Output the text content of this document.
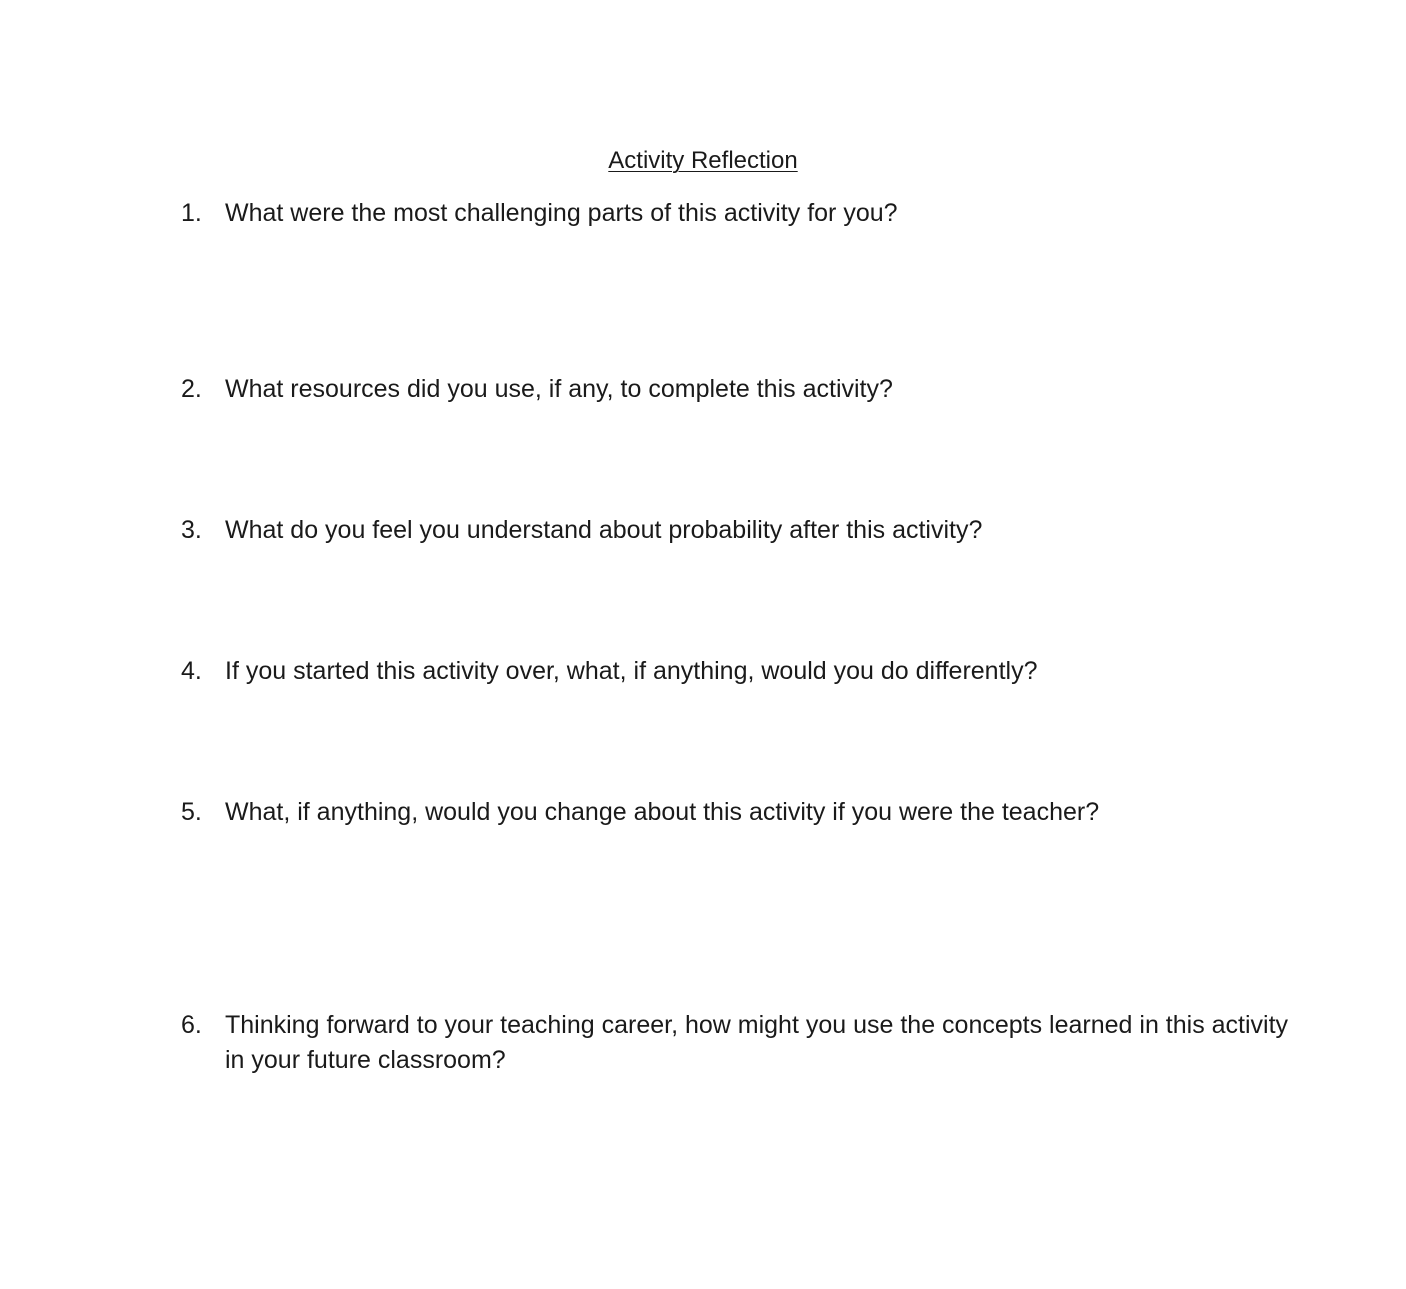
Activity Reflection
1. What were the most challenging parts of this activity for you?
2. What resources did you use, if any, to complete this activity?
3. What do you feel you understand about probability after this activity?
4. If you started this activity over, what, if anything, would you do differently?
5. What, if anything, would you change about this activity if you were the teacher?
6. Thinking forward to your teaching career, how might you use the concepts learned in this activity in your future classroom?
